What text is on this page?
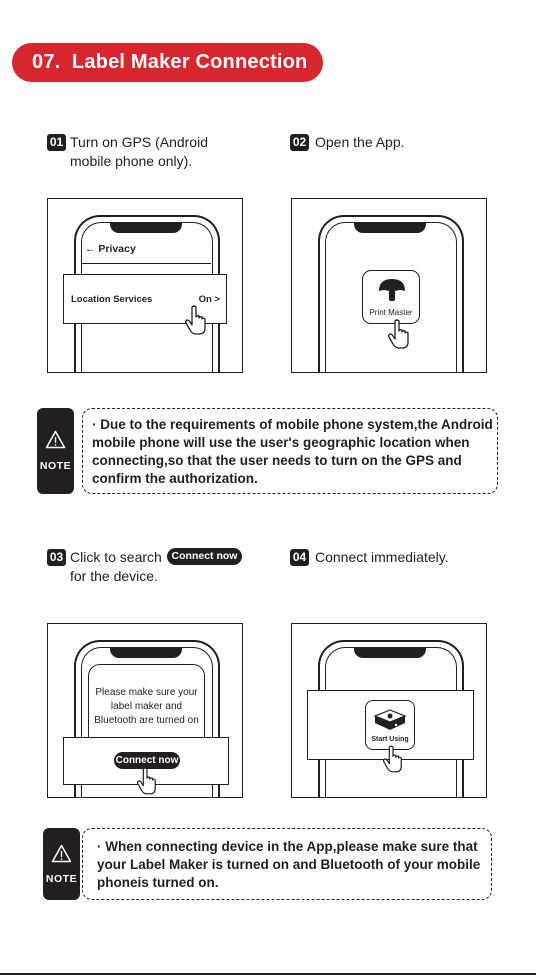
07. Label Maker Connection
01 Turn on GPS (Android
mobile phone only).
02 Open the App.
← Privacy
Location Services	On >
Print Master
NOTE
· Due to the requirements of mobile phone system,the Android
mobile phone will use the user's geographic location when
connecting,so that the user needs to turn on the GPS and
confirm the authorization.
03 Click to search
for the device.
Connect now	04 Connect immediately.
Please make sure your
label maker and
Bluetooth are turned on
Connect now
Start Using
NOTE
· When connecting device in the App,please make sure that
your Label Maker is turned on and Bluetooth of your mobile
phoneis turned on.
